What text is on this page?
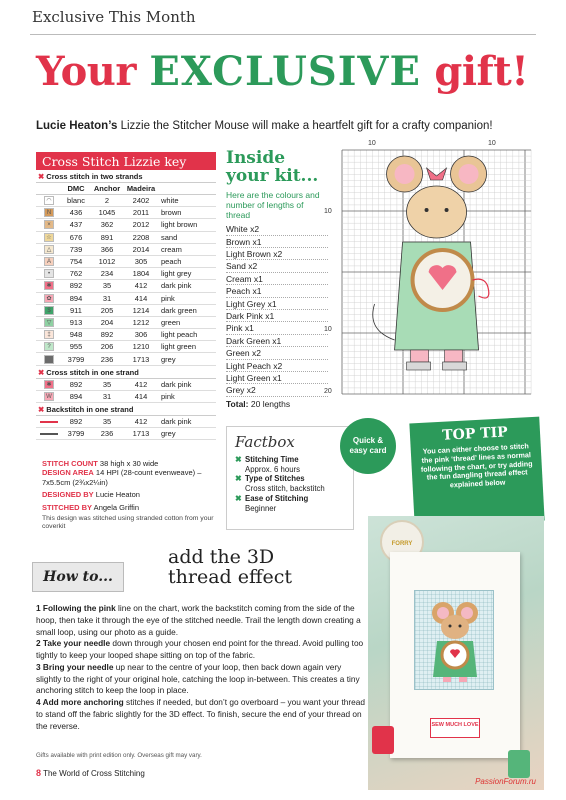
Exclusive This Month
Your EXCLUSIVE gift!
Lucie Heaton’s Lizzie the Stitcher Mouse will make a heartfelt gift for a crafty companion!
Cross Stitch Lizzie key
✖ Cross stitch in two strands
DMC	Anchor Madeira
◠	blanc	2	2402	white
N	436	1045	2011	brown
×	437	362	2012	light brown
☆	676	891	2208	sand
△	739	366	2014	cream
A	754	1012	305	peach
•	762	234	1804	light grey
✱	892	35	412	dark pink
✿	894	31	414	pink
$	911	205	1214	dark green
▽	913	204	1212	green
‡	948	892	306	light peach
?	955	206	1210	light green
3799	236	1713	grey
✖ Cross stitch in one strand
✱	892	35	412	dark pink
W	894	31	414	pink
✖ Backstitch in one strand
892	35	412	dark pink
3799	236	1713	grey

STITCH COUNT 38 high x 30 wide
DESIGN AREA 14 HPI (28-count evenweave) – 7x5.5cm (2¾x2¼in)

DESIGNED BY Lucie Heaton

STITCHED BY Angela Griffin

This design was stitched using stranded cotton from your coverkit
Inside
your kit...
Here are the colours and number of lengths of thread
White x2
Brown x1
Light Brown x2
Sand x2
Cream x1
Peach x1
Light Grey x1
Dark Pink x1
Pink x1
Dark Green x1
Green x2
Light Peach x2
Light Green x1
Grey x2
Total: 20 lengths
10	10
10
10
20
Factbox
✖ Stitching Time
Approx. 6 hours
✖ Type of Stitches
Cross stitch, backstitch
✖ Ease of Stitching
Beginner
Quick &
easy card
TOP TIP
You can either choose to stitch the pink ‘thread’ lines as normal following the chart, or try adding the fun dangling thread effect explained below
How to...
add the 3D
thread effect

1 Following the pink line on the chart, work the backstitch coming from the side of the hoop, then take it through the eye of the stitched needle. Trail the length down creating a small loop, using our photo as a guide.

2 Take your needle down through your chosen end point for the thread. Avoid pulling too tightly to keep your looped shape sitting on top of the fabric.

3 Bring your needle up near to the centre of your loop, then back down again very slightly to the right of your original hole, catching the loop in-between. This creates a tiny anchoring stitch to keep the loop in place.

4 Add more anchoring stitches if needed, but don’t go overboard – you want your thread to stand off the fabric slightly for the 3D effect. To finish, secure the end of your thread on the reverse.

Gifts available with print edition only. Overseas gift may vary.
8 The World of Cross Stitching
FORRY
SEW MUCH LOVE
PassionForum.ru
